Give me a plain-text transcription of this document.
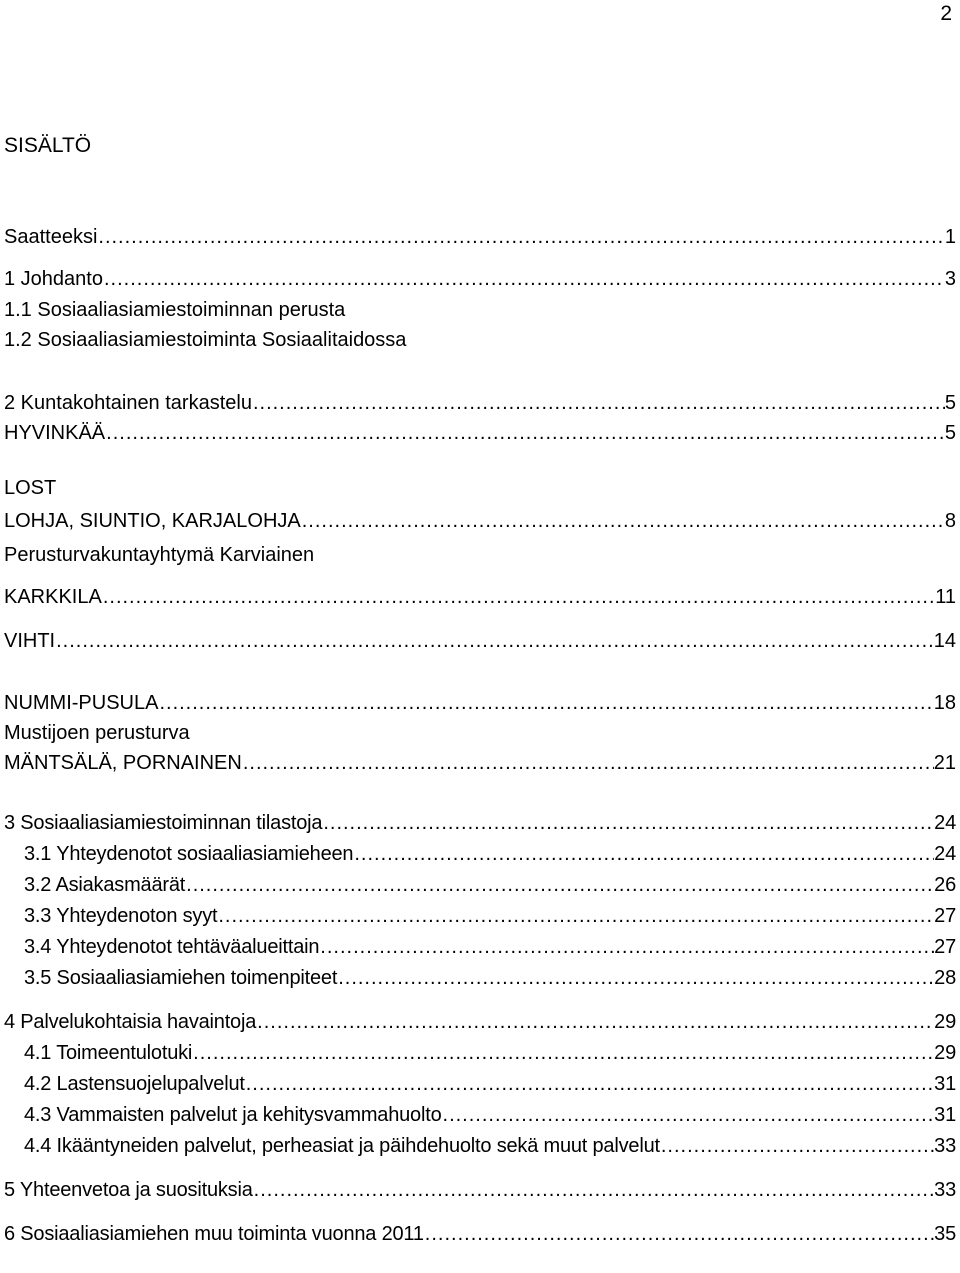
2
SISÄLTÖ
Saatteeksi .....	1
1 Johdanto .....	3
1.1 Sosiaaliasiamiestoiminnan perusta
1.2 Sosiaaliasiamiestoiminta Sosiaalitaidossa
2 Kuntakohtainen tarkastelu .....	5
HYVINKÄÄ .....	5
LOST
LOHJA, SIUNTIO, KARJALOHJA .....	8
Perusturvakuntayhtymä Karviainen
KARKKILA .....	11
VIHTI .....	14
NUMMI-PUSULA .....	18
Mustijoen perusturva
MÄNTSÄLÄ, PORNAINEN .....	21
3 Sosiaaliasiamiestoiminnan tilastoja .....	24
3.1 Yhteydenotot sosiaaliasiamieheen .....	24
3.2 Asiakasmäärät .....	26
3.3 Yhteydenoton syyt .....	27
3.4 Yhteydenotot tehtäväalueittain .....	27
3.5 Sosiaaliasiamiehen toimenpiteet .....	28
4 Palvelukohtaisia havaintoja .....	29
4.1 Toimeentulotuki .....	29
4.2 Lastensuojelupalvelut .....	31
4.3 Vammaisten palvelut ja kehitysvammahuolto .....	31
4.4 Ikääntyneiden palvelut, perheasiat ja päihdehuolto sekä muut palvelut .....	33
5 Yhteenvetoa ja suosituksia .....	33
6 Sosiaaliasiamiehen muu toiminta vuonna 2011 .....	35
